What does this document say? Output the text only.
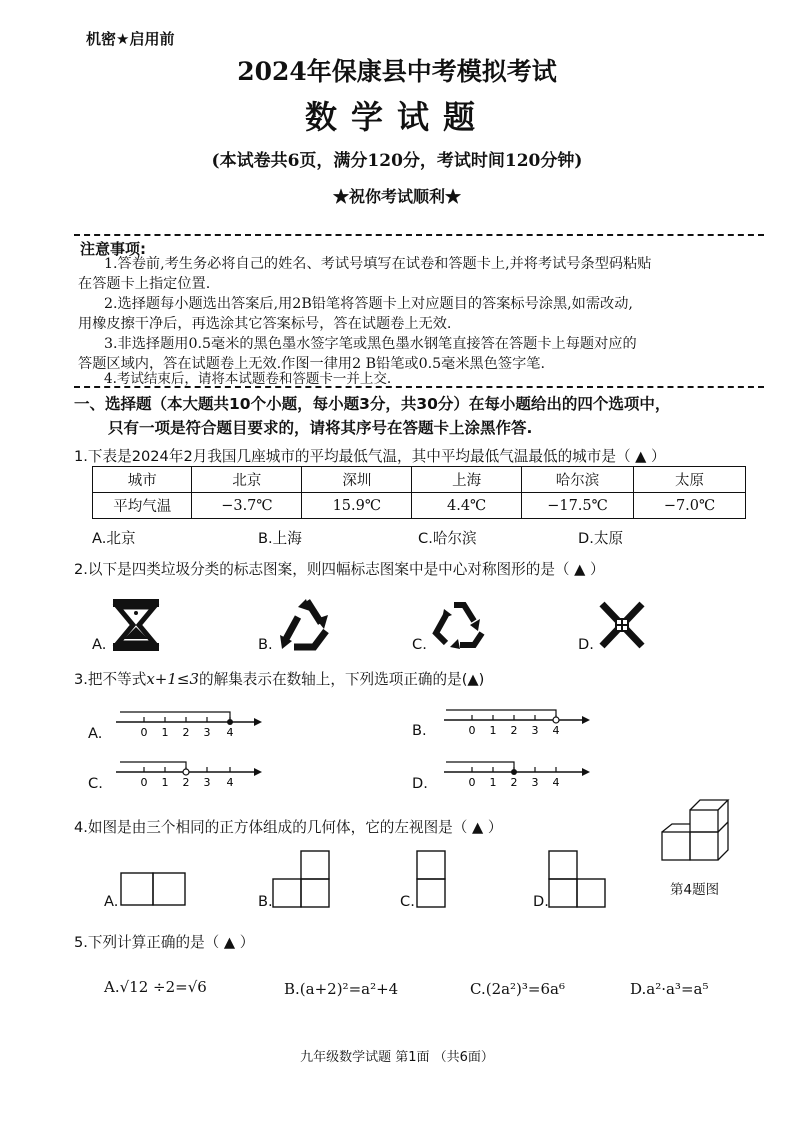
机密★启用前
2024年保康县中考模拟考试
数学试题
(本试卷共6页，满分120分，考试时间120分钟)
★祝你考试顺利★
注意事项:
1.答卷前,考生务必将自己的姓名、考试号填写在试卷和答题卡上,并将考试号条型码粘贴
在答题卡上指定位置.
2.选择题每小题选出答案后,用2B铅笔将答题卡上对应题目的答案标号涂黑,如需改动,
用橡皮擦干净后，再选涂其它答案标号，答在试题卷上无效.
3.非选择题用0.5毫米的黑色墨水签字笔或黑色墨水钢笔直接答在答题卡上每题对应的
答题区域内，答在试题卷上无效.作图一律用2 B铅笔或0.5毫米黑色签字笔.
4.考试结束后，请将本试题卷和答题卡一并上交.
一、选择题（本大题共10个小题，每小题3分，共30分）在每小题给出的四个选项中，
只有一项是符合题目要求的，请将其序号在答题卡上涂黑作答.
1.下表是2024年2月我国几座城市的平均最低气温，其中平均最低气温最低的城市是（ ▲ ）
城市	北京	深圳	上海	哈尔滨	太原
平均气温	−3.7℃	15.9℃	4.4℃	−17.5℃	−7.0℃
A.北京	B.上海	C.哈尔滨	D.太原
2.以下是四类垃圾分类的标志图案，则四幅标志图案中是中心对称图形的是（ ▲ ）
A.	B.	C.	D.
3.把不等式x+1≤3的解集表示在数轴上，下列选项正确的是(▲)
A.	0 1 2 3 4	B.	0 1 2 3 4
C.	0 1 2 3 4	D.	0 1 2 3 4
4.如图是由三个相同的正方体组成的几何体，它的左视图是（ ▲ ）
A.	B.	C.	D.
第4题图
5.下列计算正确的是（ ▲ ）
A.√12 ÷2=√6	B.(a+2)²=a²+4	C.(2a²)³=6a⁶	D.a²·a³=a⁵
九年级数学试题 第1面 （共6面）
